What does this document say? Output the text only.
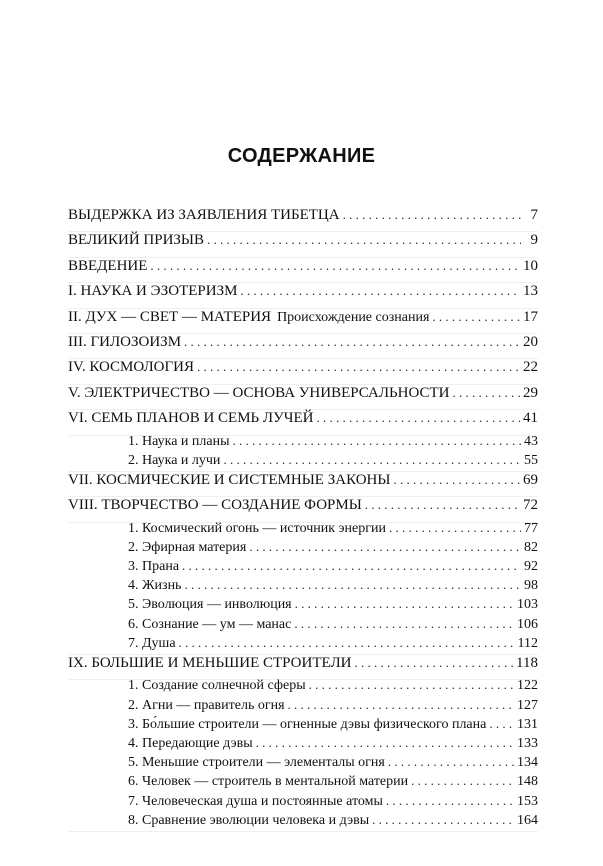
СОДЕРЖАНИЕ
ВЫДЕРЖКА ИЗ ЗАЯВЛЕНИЯ ТИБЕТЦА . . .	7
ВЕЛИКИЙ ПРИЗЫВ . . .	9
ВВЕДЕНИЕ . . .	10
I. НАУКА И ЭЗОТЕРИЗМ . . .	13
II. ДУХ — СВЕТ — МАТЕРИЯ Происхождение сознания . . .	17
III. ГИЛОЗОИЗМ . . .	20
IV. КОСМОЛОГИЯ . . .	22
V. ЭЛЕКТРИЧЕСТВО — ОСНОВА УНИВЕРСАЛЬНОСТИ . . .	29
VI. СЕМЬ ПЛАНОВ И СЕМЬ ЛУЧЕЙ . . .	41
1. Наука и планы . . .	43
2. Наука и лучи . . .	55
VII. КОСМИЧЕСКИЕ И СИСТЕМНЫЕ ЗАКОНЫ . . .	69
VIII. ТВОРЧЕСТВО — СОЗДАНИЕ ФОРМЫ . . .	72
1. Космический огонь — источник энергии . . .	77
2. Эфирная материя . . .	82
3. Прана . . .	92
4. Жизнь . . .	98
5. Эволюция — инволюция . . .	103
6. Сознание — ум — манас . . .	106
7. Душа . . .	112
IX. БОЛЬШИЕ И МЕНЬШИЕ СТРОИТЕЛИ . . .	118
1. Создание солнечной сферы . . .	122
2. Агни — правитель огня . . .	127
3. Бо́льшие строители — огненные дэвы физического плана . . . 131
4. Передающие дэвы . . .	133
5. Меньшие строители — элементалы огня . . .	134
6. Человек — строитель в ментальной материи . . .	148
7. Человеческая душа и постоянные атомы . . .	153
8. Сравнение эволюции человека и дэвы . . .	164
